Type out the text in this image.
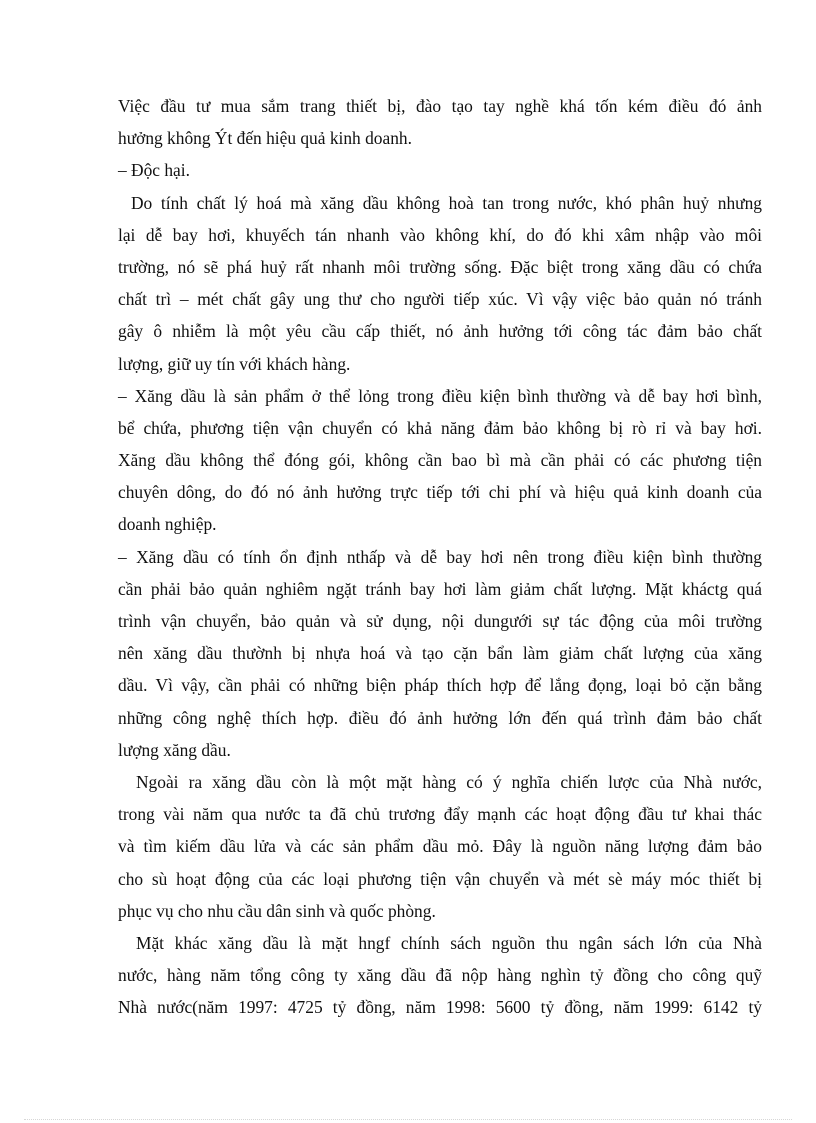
Việc đầu tư mua sắm trang thiết bị, đào tạo tay nghề khá tốn kém điều đó ảnh
hưởng không Ýt đến hiệu quả kinh doanh.
– Độc hại.
Do tính chất lý hoá mà xăng dầu không hoà tan trong nước, khó phân huỷ nhưng
lại dễ bay hơi, khuyếch tán nhanh vào không khí, do đó khi xâm nhập vào môi
trường, nó sẽ phá huỷ rất nhanh môi trường sống. Đặc biệt trong xăng dầu có chứa
chất trì – mét chất gây ung thư cho người tiếp xúc. Vì vậy việc bảo quản nó tránh
gây ô nhiễm là một yêu cầu cấp thiết, nó ảnh hưởng tới công tác đảm bảo chất
lượng, giữ uy tín với khách hàng.
– Xăng dầu là sản phẩm ở thể lỏng trong điều kiện bình thường và dễ bay hơi bình,
bể chứa, phương tiện vận chuyển có khả năng đảm bảo không bị rò rỉ và bay hơi.
Xăng dầu không thể đóng gói, không cần bao bì mà cần phải có các phương tiện
chuyên dông, do đó nó ảnh hưởng trực tiếp tới chi phí và hiệu quả kinh doanh của
doanh nghiệp.
– Xăng dầu có tính ổn định nthấp và dễ bay hơi nên trong điều kiện bình thường
cần phải bảo quản nghiêm ngặt tránh bay hơi làm giảm chất lượng. Mặt kháctg quá
trình vận chuyển, bảo quản và sử dụng, nội dungưới sự tác động của môi trường
nên xăng dầu thườnh bị nhựa hoá và tạo cặn bẩn làm giảm chất lượng của xăng
dầu. Vì vậy, cần phải có những biện pháp thích hợp để lắng đọng, loại bỏ cặn bằng
những công nghệ thích hợp. điều đó ảnh hưởng lớn đến quá trình đảm bảo chất
lượng xăng dầu.
Ngoài ra xăng dầu còn là một mặt hàng có ý nghĩa chiến lược của Nhà nước,
trong vài năm qua nước ta đã chủ trương đẩy mạnh các hoạt động đầu tư khai thác
và tìm kiếm dầu lửa và các sản phẩm dầu mỏ. Đây là nguồn năng lượng đảm bảo
cho sù hoạt động của các loại phương tiện vận chuyển và mét sè máy móc thiết bị
phục vụ cho nhu cầu dân sinh và quốc phòng.
Mặt khác xăng dầu là mặt hngf chính sách nguồn thu ngân sách lớn của Nhà
nước, hàng năm tổng công ty xăng dầu đã nộp hàng nghìn tỷ đồng cho công quỹ
Nhà nước(năm 1997: 4725 tỷ đồng, năm 1998: 5600 tỷ đồng, năm 1999: 6142 tỷ
